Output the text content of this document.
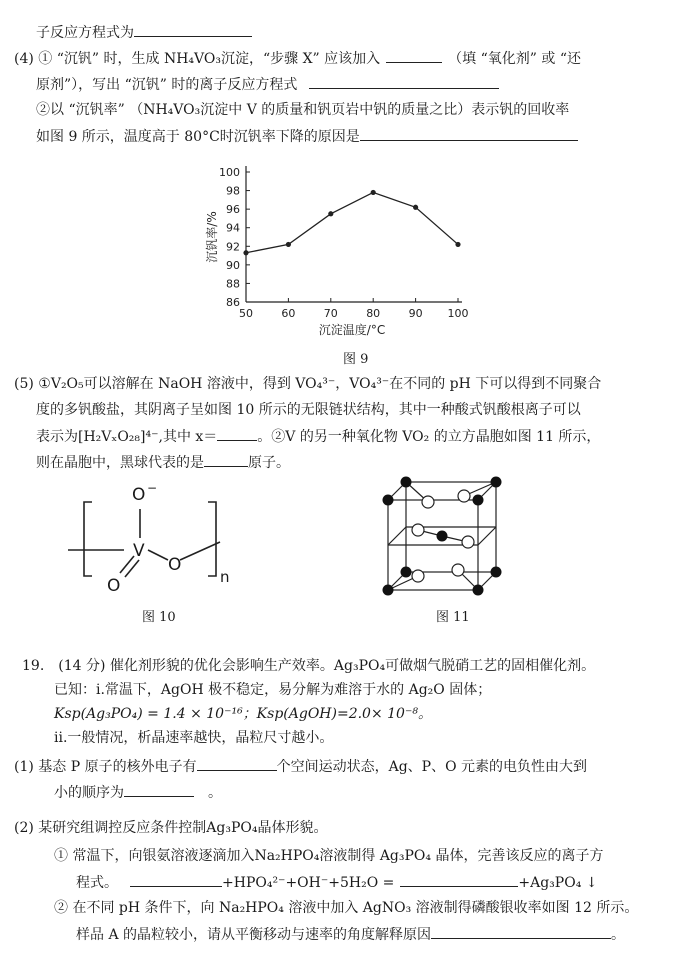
子反应方程式为
(4) ① “沉钒” 时，生成 NH₄VO₃沉淀，“步骤 X” 应该加入	（填 “氧化剂” 或 “还
原剂”），写出 “沉钒” 时的离子反应方程式
②以 “沉钒率” （NH₄VO₃沉淀中 V 的质量和钒页岩中钒的质量之比）表示钒的回收率
如图 9 所示，温度高于 80°C时沉钒率下降的原因是
86
88
90
92
94
96
98
100
50	60	70	80	90 100
沉淀温度/°C
沉钒率/%
图 9
(5) ①V₂O₅可以溶解在 NaOH 溶液中，得到 VO₄³⁻，VO₄³⁻在不同的 pH 下可以得到不同聚合
度的多钒酸盐，其阴离子呈如图 10 所示的无限链状结构，其中一种酸式钒酸根离子可以
表示为[H₂VₓO₂₈]⁴⁻,其中 x＝	。②V 的另一种氧化物 VO₂ 的立方晶胞如图 11 所示，
则在晶胞中，黑球代表的是	原子。
O −
V
O
O	n
图 10	图 11
19.　(14 分) 催化剂形貌的优化会影响生产效率。Ag₃PO₄可做烟气脱硝工艺的固相催化剂。
已知：i.常温下，AgOH 极不稳定，易分解为难溶于水的 Ag₂O 固体；
Ksp(Ag₃PO₄) = 1.4 × 10⁻¹⁶；Ksp(AgOH)=2.0× 10⁻⁸。
ii.一般情况，析晶速率越快，晶粒尺寸越小。
(1) 基态 P 原子的核外电子有	个空间运动状态，Ag、P、O 元素的电负性由大到
小的顺序为	。
(2) 某研究组调控反应条件控制Ag₃PO₄晶体形貌。
① 常温下，向银氨溶液逐滴加入Na₂HPO₄溶液制得 Ag₃PO₄ 晶体，完善该反应的离子方
程式。	+HPO₄²⁻+OH⁻+5H₂O =	+Ag₃PO₄ ↓
② 在不同 pH 条件下，向 Na₂HPO₄ 溶液中加入 AgNO₃ 溶液制得磷酸银收率如图 12 所示。
样品 A 的晶粒较小，请从平衡移动与速率的角度解释原因	。
